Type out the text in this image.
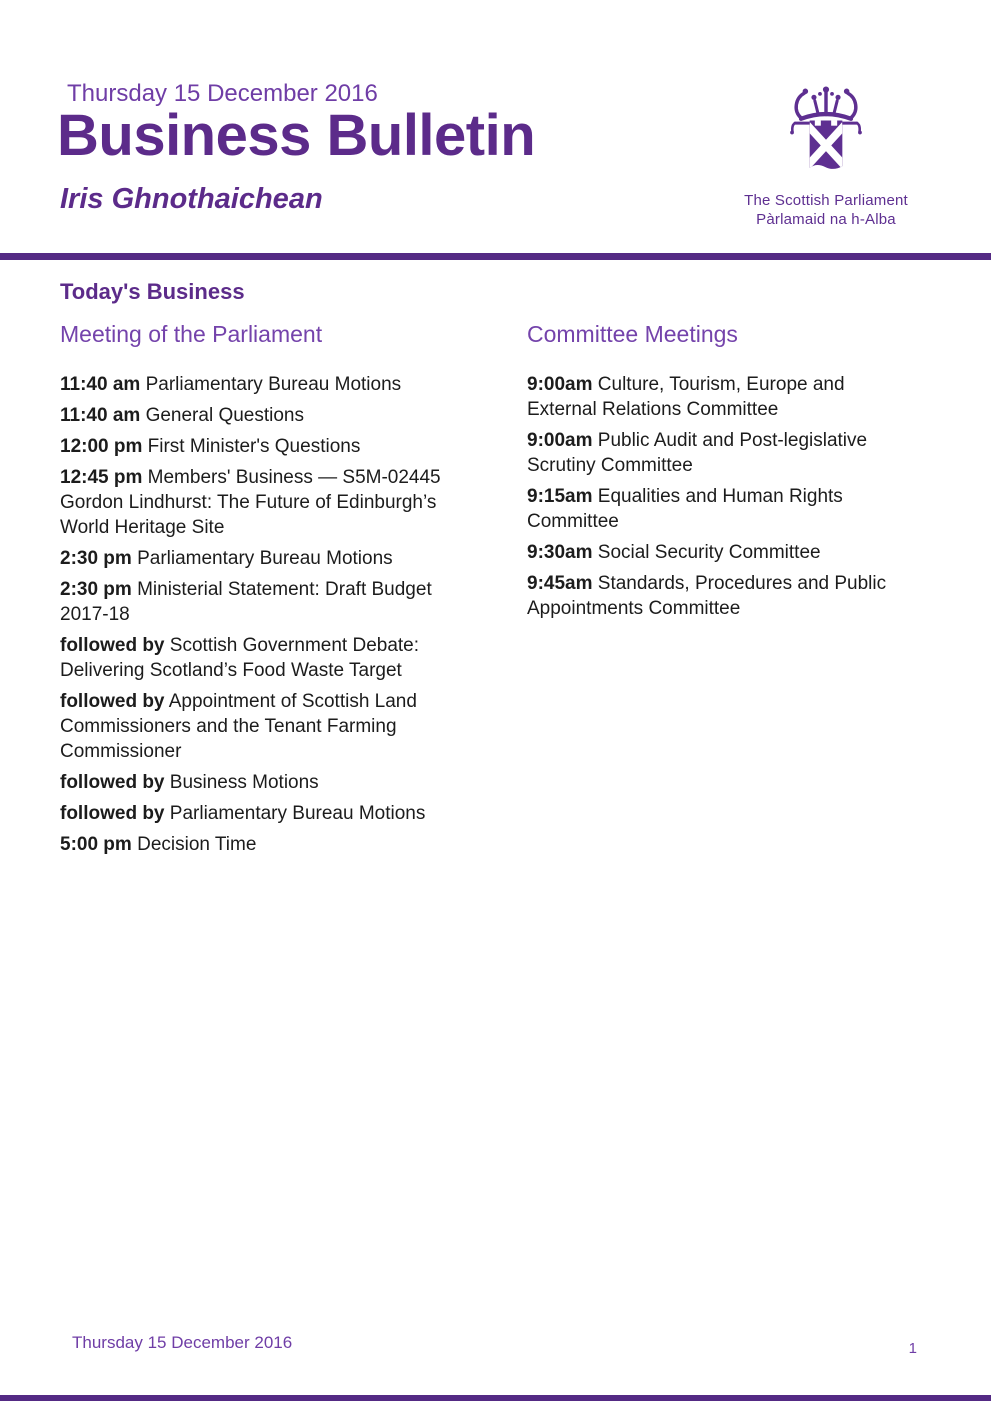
Thursday 15 December 2016
Business Bulletin
Iris Ghnothaichean	The Scottish Parliament
Pàrlamaid na h-Alba
Today's Business
Meeting of the Parliament

11:40 am Parliamentary Bureau Motions

11:40 am General Questions

12:00 pm First Minister's Questions

12:45 pm Members' Business — S5M-02445 Gordon Lindhurst: The Future of Edinburgh’s World Heritage Site

2:30 pm Parliamentary Bureau Motions

2:30 pm Ministerial Statement: Draft Budget 2017-18

followed by Scottish Government Debate: Delivering Scotland’s Food Waste Target

followed by Appointment of Scottish Land Commissioners and the Tenant Farming Commissioner

followed by Business Motions

followed by Parliamentary Bureau Motions

5:00 pm Decision Time

Committee Meetings

9:00am Culture, Tourism, Europe and External Relations Committee

9:00am Public Audit and Post-legislative Scrutiny Committee

9:15am Equalities and Human Rights Committee

9:30am Social Security Committee

9:45am Standards, Procedures and Public Appointments Committee

Thursday 15 December 2016	1
